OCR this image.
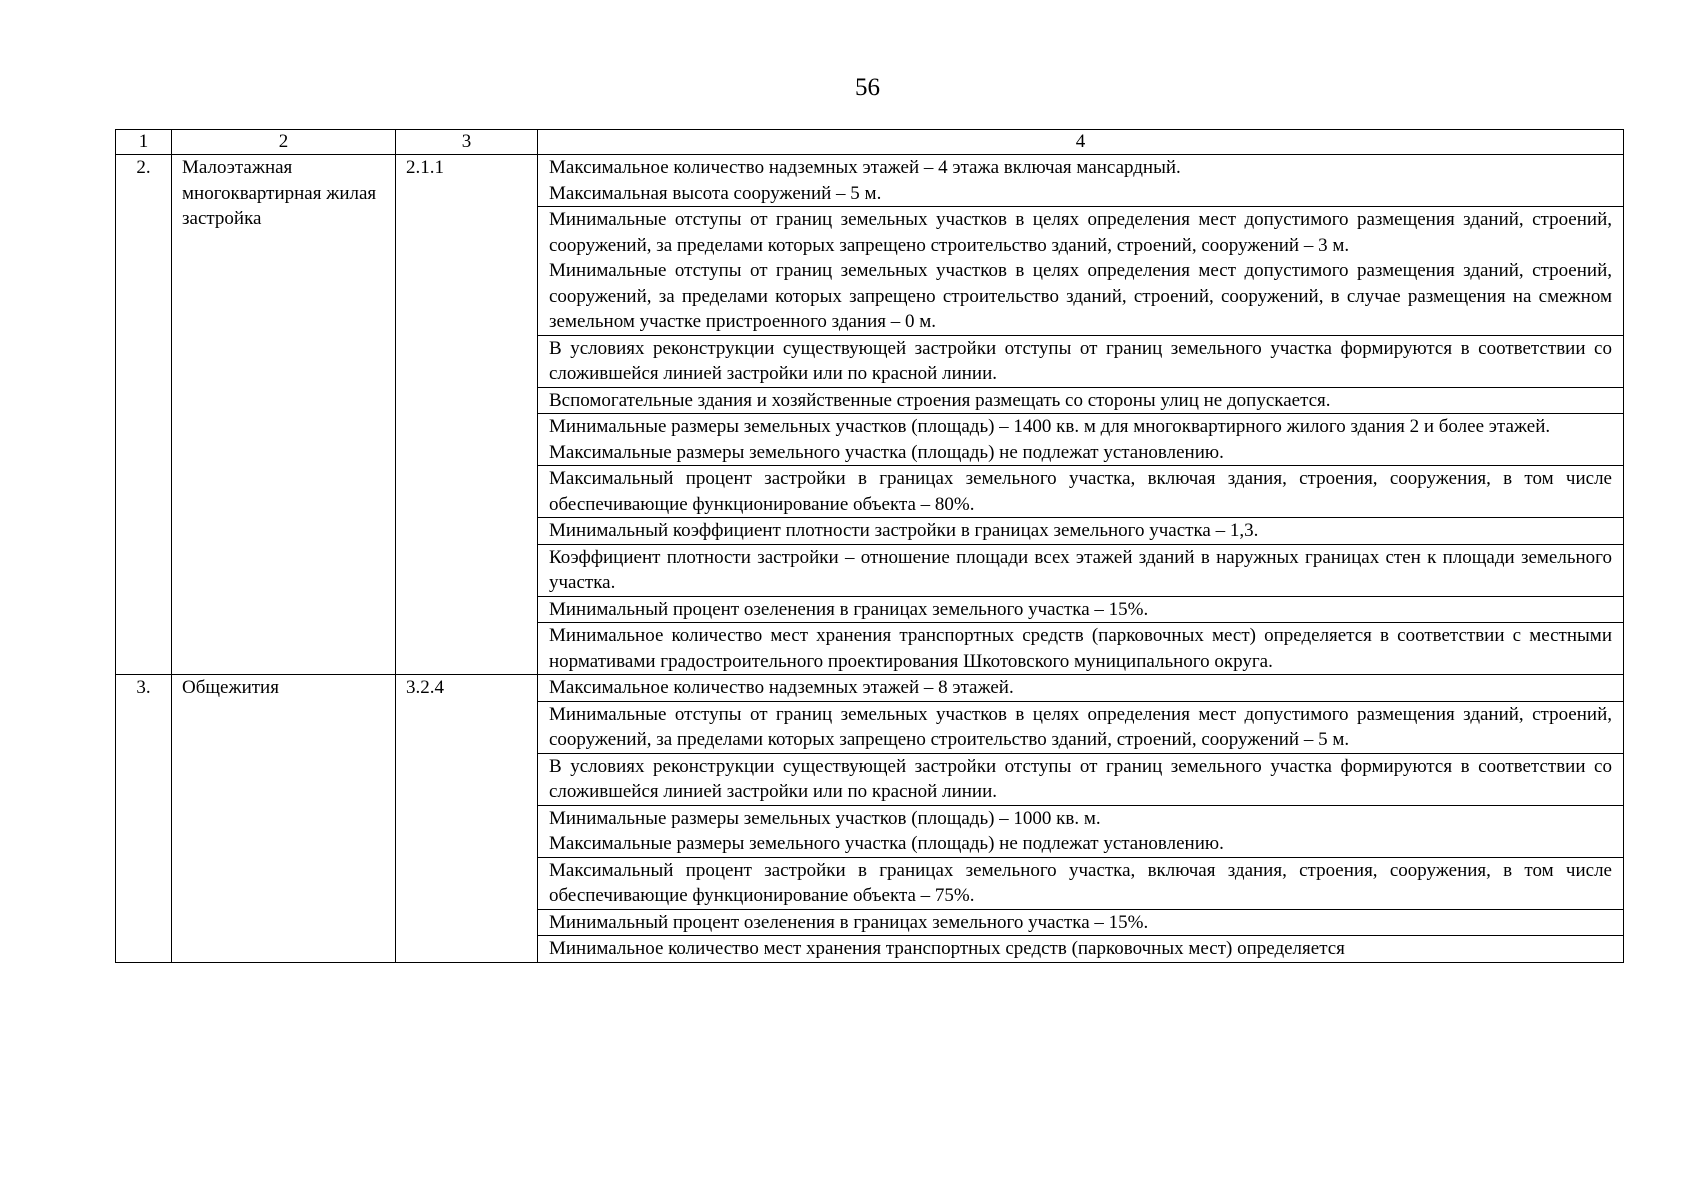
56
1	2	3	4
2.	Малоэтажная многоквартирная жилая застройка	2.1.1	Максимальное количество надземных этажей – 4 этажа включая мансардный.
Максимальная высота сооружений – 5 м.

			Минимальные отступы от границ земельных участков в целях определения мест допустимого размещения зданий, строений, сооружений, за пределами которых запрещено строительство зданий, строений, сооружений – 3 м.
Минимальные отступы от границ земельных участков в целях определения мест допустимого размещения зданий, строений, сооружений, за пределами которых запрещено строительство зданий, строений, сооружений, в случае размещения на смежном земельном участке пристроенного здания – 0 м.

			В условиях реконструкции существующей застройки отступы от границ земельного участка формируются в соответствии со сложившейся линией застройки или по красной линии.

			Вспомогательные здания и хозяйственные строения размещать со стороны улиц не допускается.

			Минимальные размеры земельных участков (площадь) – 1400 кв. м для многоквартирного жилого здания 2 и более этажей.
Максимальные размеры земельного участка (площадь) не подлежат установлению.

			Максимальный процент застройки в границах земельного участка, включая здания, строения, сооружения, в том числе обеспечивающие функционирование объекта – 80%.

			Минимальный коэффициент плотности застройки в границах земельного участка – 1,3.

			Коэффициент плотности застройки – отношение площади всех этажей зданий в наружных границах стен к площади земельного участка.

			Минимальный процент озеленения в границах земельного участка – 15%.

			Минимальное количество мест хранения транспортных средств (парковочных мест) определяется в соответствии с местными нормативами градостроительного проектирования Шкотовского муниципального округа.

3.	Общежития	3.2.4	Максимальное количество надземных этажей – 8 этажей.

			Минимальные отступы от границ земельных участков в целях определения мест допустимого размещения зданий, строений, сооружений, за пределами которых запрещено строительство зданий, строений, сооружений – 5 м.

			В условиях реконструкции существующей застройки отступы от границ земельного участка формируются в соответствии со сложившейся линией застройки или по красной линии.

			Минимальные размеры земельных участков (площадь) – 1000 кв. м.
Максимальные размеры земельного участка (площадь) не подлежат установлению.

			Максимальный процент застройки в границах земельного участка, включая здания, строения, сооружения, в том числе обеспечивающие функционирование объекта – 75%.

			Минимальный процент озеленения в границах земельного участка – 15%.

			Минимальное количество мест хранения транспортных средств (парковочных мест) определяется
